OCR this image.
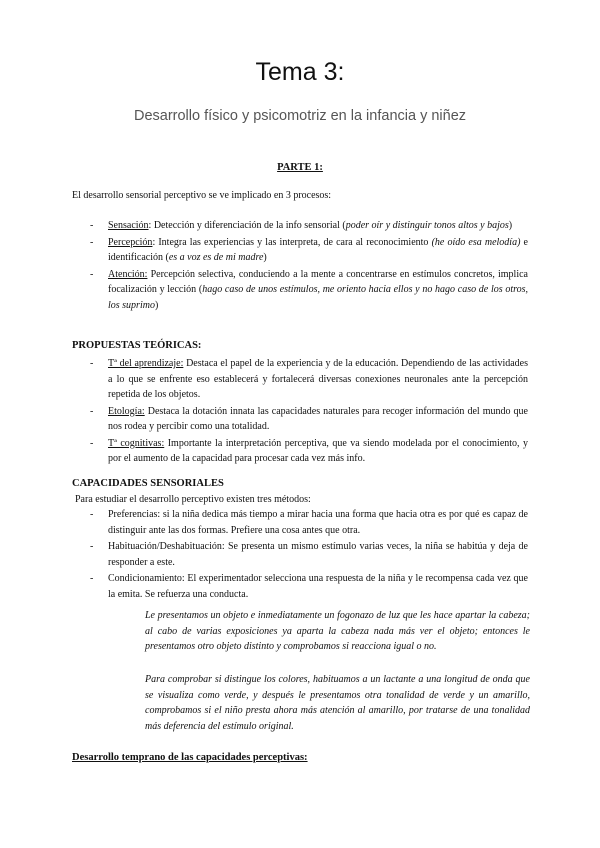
Tema 3:
Desarrollo físico y psicomotriz en la infancia y niñez
PARTE 1:
El desarrollo sensorial perceptivo se ve implicado en 3 procesos:
- Sensación: Detección y diferenciación de la info sensorial (poder oír y distinguir tonos altos y bajos)
- Percepción: Integra las experiencias y las interpreta, de cara al reconocimiento (he oído esa melodía) e identificación (es a voz es de mi madre)
- Atención: Percepción selectiva, conduciendo a la mente a concentrarse en estímulos concretos, implica focalización y lección (hago caso de unos estímulos, me oriento hacia ellos y no hago caso de los otros, los suprimo)
PROPUESTAS TEÓRICAS:
- Tª del aprendizaje: Destaca el papel de la experiencia y de la educación. Dependiendo de las actividades a lo que se enfrente eso establecerá y fortalecerá diversas conexiones neuronales ante la percepción repetida de los objetos.
- Etología: Destaca la dotación innata las capacidades naturales para recoger información del mundo que nos rodea y percibir como una totalidad.
- Tª cognitivas: Importante la interpretación perceptiva, que va siendo modelada por el conocimiento, y por el aumento de la capacidad para procesar cada vez más info.
CAPACIDADES SENSORIALES
Para estudiar el desarrollo perceptivo existen tres métodos:
- Preferencias: si la niña dedica más tiempo a mirar hacia una forma que hacia otra es por qué es capaz de distinguir ante las dos formas. Prefiere una cosa antes que otra.
- Habituación/Deshabituación: Se presenta un mismo estímulo varias veces, la niña se habitúa y deja de responder a este.
- Condicionamiento: El experimentador selecciona una respuesta de la niña y le recompensa cada vez que la emita. Se refuerza una conducta.
Le presentamos un objeto e inmediatamente un fogonazo de luz que les hace apartar la cabeza; al cabo de varias exposiciones ya aparta la cabeza nada más ver el objeto; entonces le presentamos otro objeto distinto y comprobamos si reacciona igual o no.
Para comprobar si distingue los colores, habituamos a un lactante a una longitud de onda que se visualiza como verde, y después le presentamos otra tonalidad de verde y un amarillo, comprobamos si el niño presta ahora más atención al amarillo, por tratarse de una tonalidad más deferencia del estímulo original.
Desarrollo temprano de las capacidades perceptivas:
